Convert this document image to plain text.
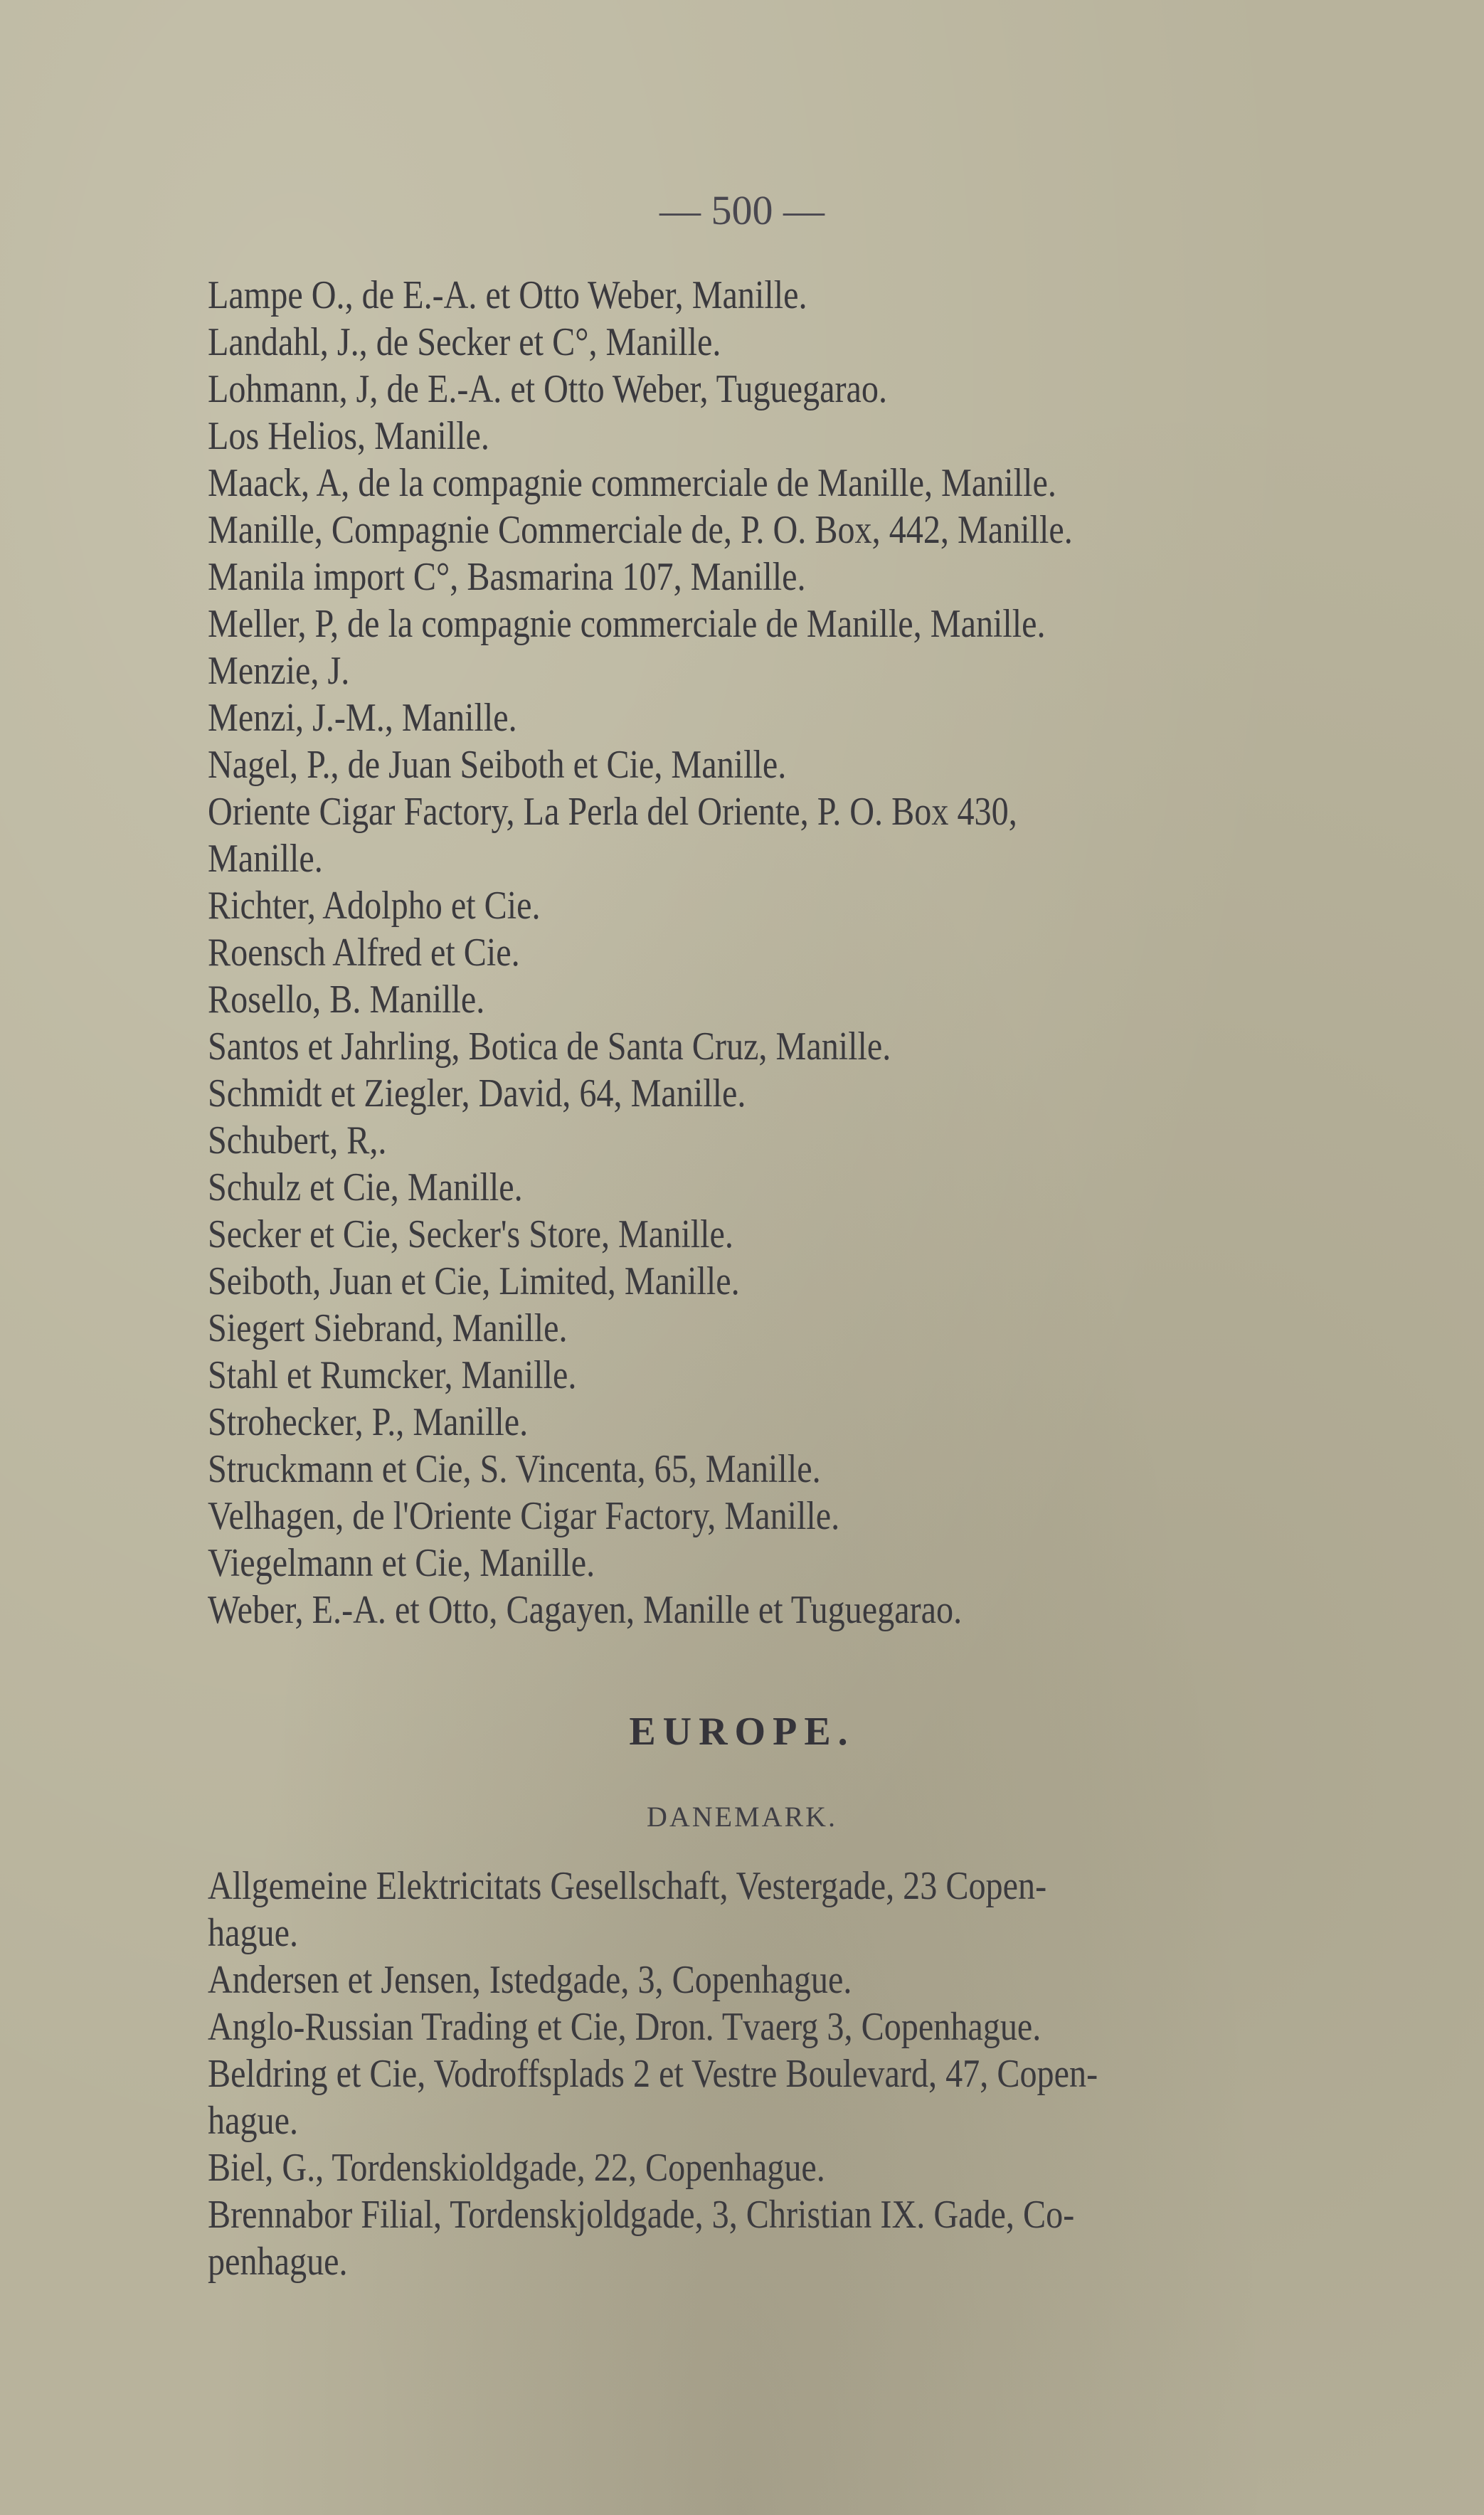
— 500 —
Lampe O., de E.-A. et Otto Weber, Manille.
Landahl, J., de Secker et C°, Manille.
Lohmann, J, de E.-A. et Otto Weber, Tuguegarao.
Los Helios, Manille.
Maack, A, de la compagnie commerciale de Manille, Manille.
Manille, Compagnie Commerciale de, P. O. Box, 442, Manille.
Manila import C°, Basmarina 107, Manille.
Meller, P, de la compagnie commerciale de Manille, Manille.
Menzie, J.
Menzi, J.-M., Manille.
Nagel, P., de Juan Seiboth et Cie, Manille.
Oriente Cigar Factory, La Perla del Oriente, P. O. Box 430,
Manille.
Richter, Adolpho et Cie.
Roensch Alfred et Cie.
Rosello, B. Manille.
Santos et Jahrling, Botica de Santa Cruz, Manille.
Schmidt et Ziegler, David, 64, Manille.
Schubert, R,.
Schulz et Cie, Manille.
Secker et Cie, Secker's Store, Manille.
Seiboth, Juan et Cie, Limited, Manille.
Siegert Siebrand, Manille.
Stahl et Rumcker, Manille.
Strohecker, P., Manille.
Struckmann et Cie, S. Vincenta, 65, Manille.
Velhagen, de l'Oriente Cigar Factory, Manille.
Viegelmann et Cie, Manille.
Weber, E.-A. et Otto, Cagayen, Manille et Tuguegarao.
EUROPE.
DANEMARK.
Allgemeine Elektricitats Gesellschaft, Vestergade, 23 Copen-
hague.
Andersen et Jensen, Istedgade, 3, Copenhague.
Anglo-Russian Trading et Cie, Dron. Tvaerg 3, Copenhague.
Beldring et Cie, Vodroffsplads 2 et Vestre Boulevard, 47, Copen-
hague.
Biel, G., Tordenskioldgade, 22, Copenhague.
Brennabor Filial, Tordenskjoldgade, 3, Christian IX. Gade, Co-
penhague.
